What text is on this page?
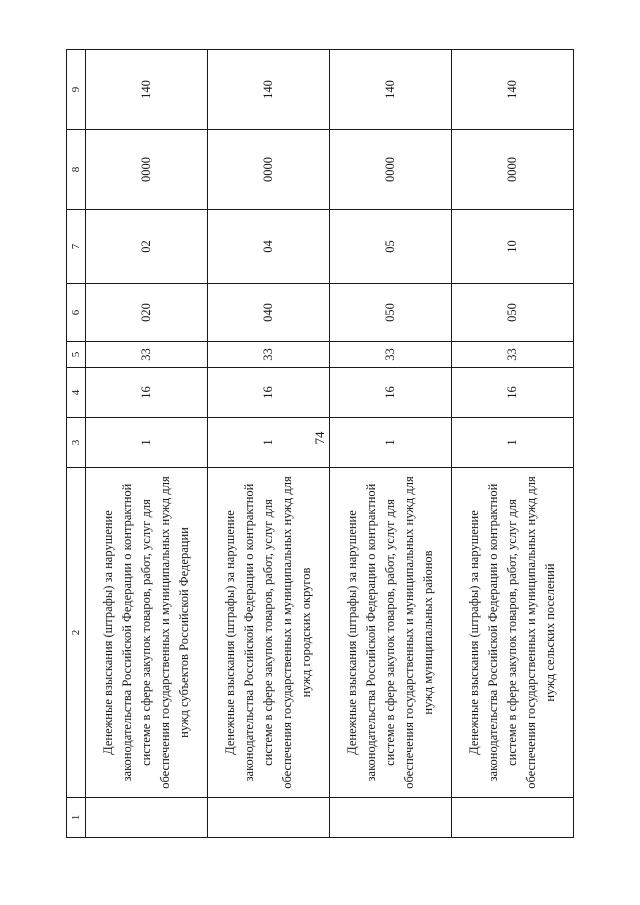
74
1	2	3	4	5	6	7	8	9
	Денежные взыскания (штрафы) за нарушение законодательства Российской Федерации о контрактной системе в сфере закупок товаров, работ, услуг для обеспечения государственных и муниципальных нужд для нужд субъектов Российской Федерации	1	16	33	020	02	0000	140
	Денежные взыскания (штрафы) за нарушение законодательства Российской Федерации о контрактной системе в сфере закупок товаров, работ, услуг для обеспечения государственных и муниципальных нужд для нужд городских округов	1	16	33	040	04	0000	140
	Денежные взыскания (штрафы) за нарушение законодательства Российской Федерации о контрактной системе в сфере закупок товаров, работ, услуг для обеспечения государственных и муниципальных нужд для нужд муниципальных районов	1	16	33	050	05	0000	140
	Денежные взыскания (штрафы) за нарушение законодательства Российской Федерации о контрактной системе в сфере закупок товаров, работ, услуг для обеспечения государственных и муниципальных нужд для нужд сельских поселений	1	16	33	050	10	0000	140
